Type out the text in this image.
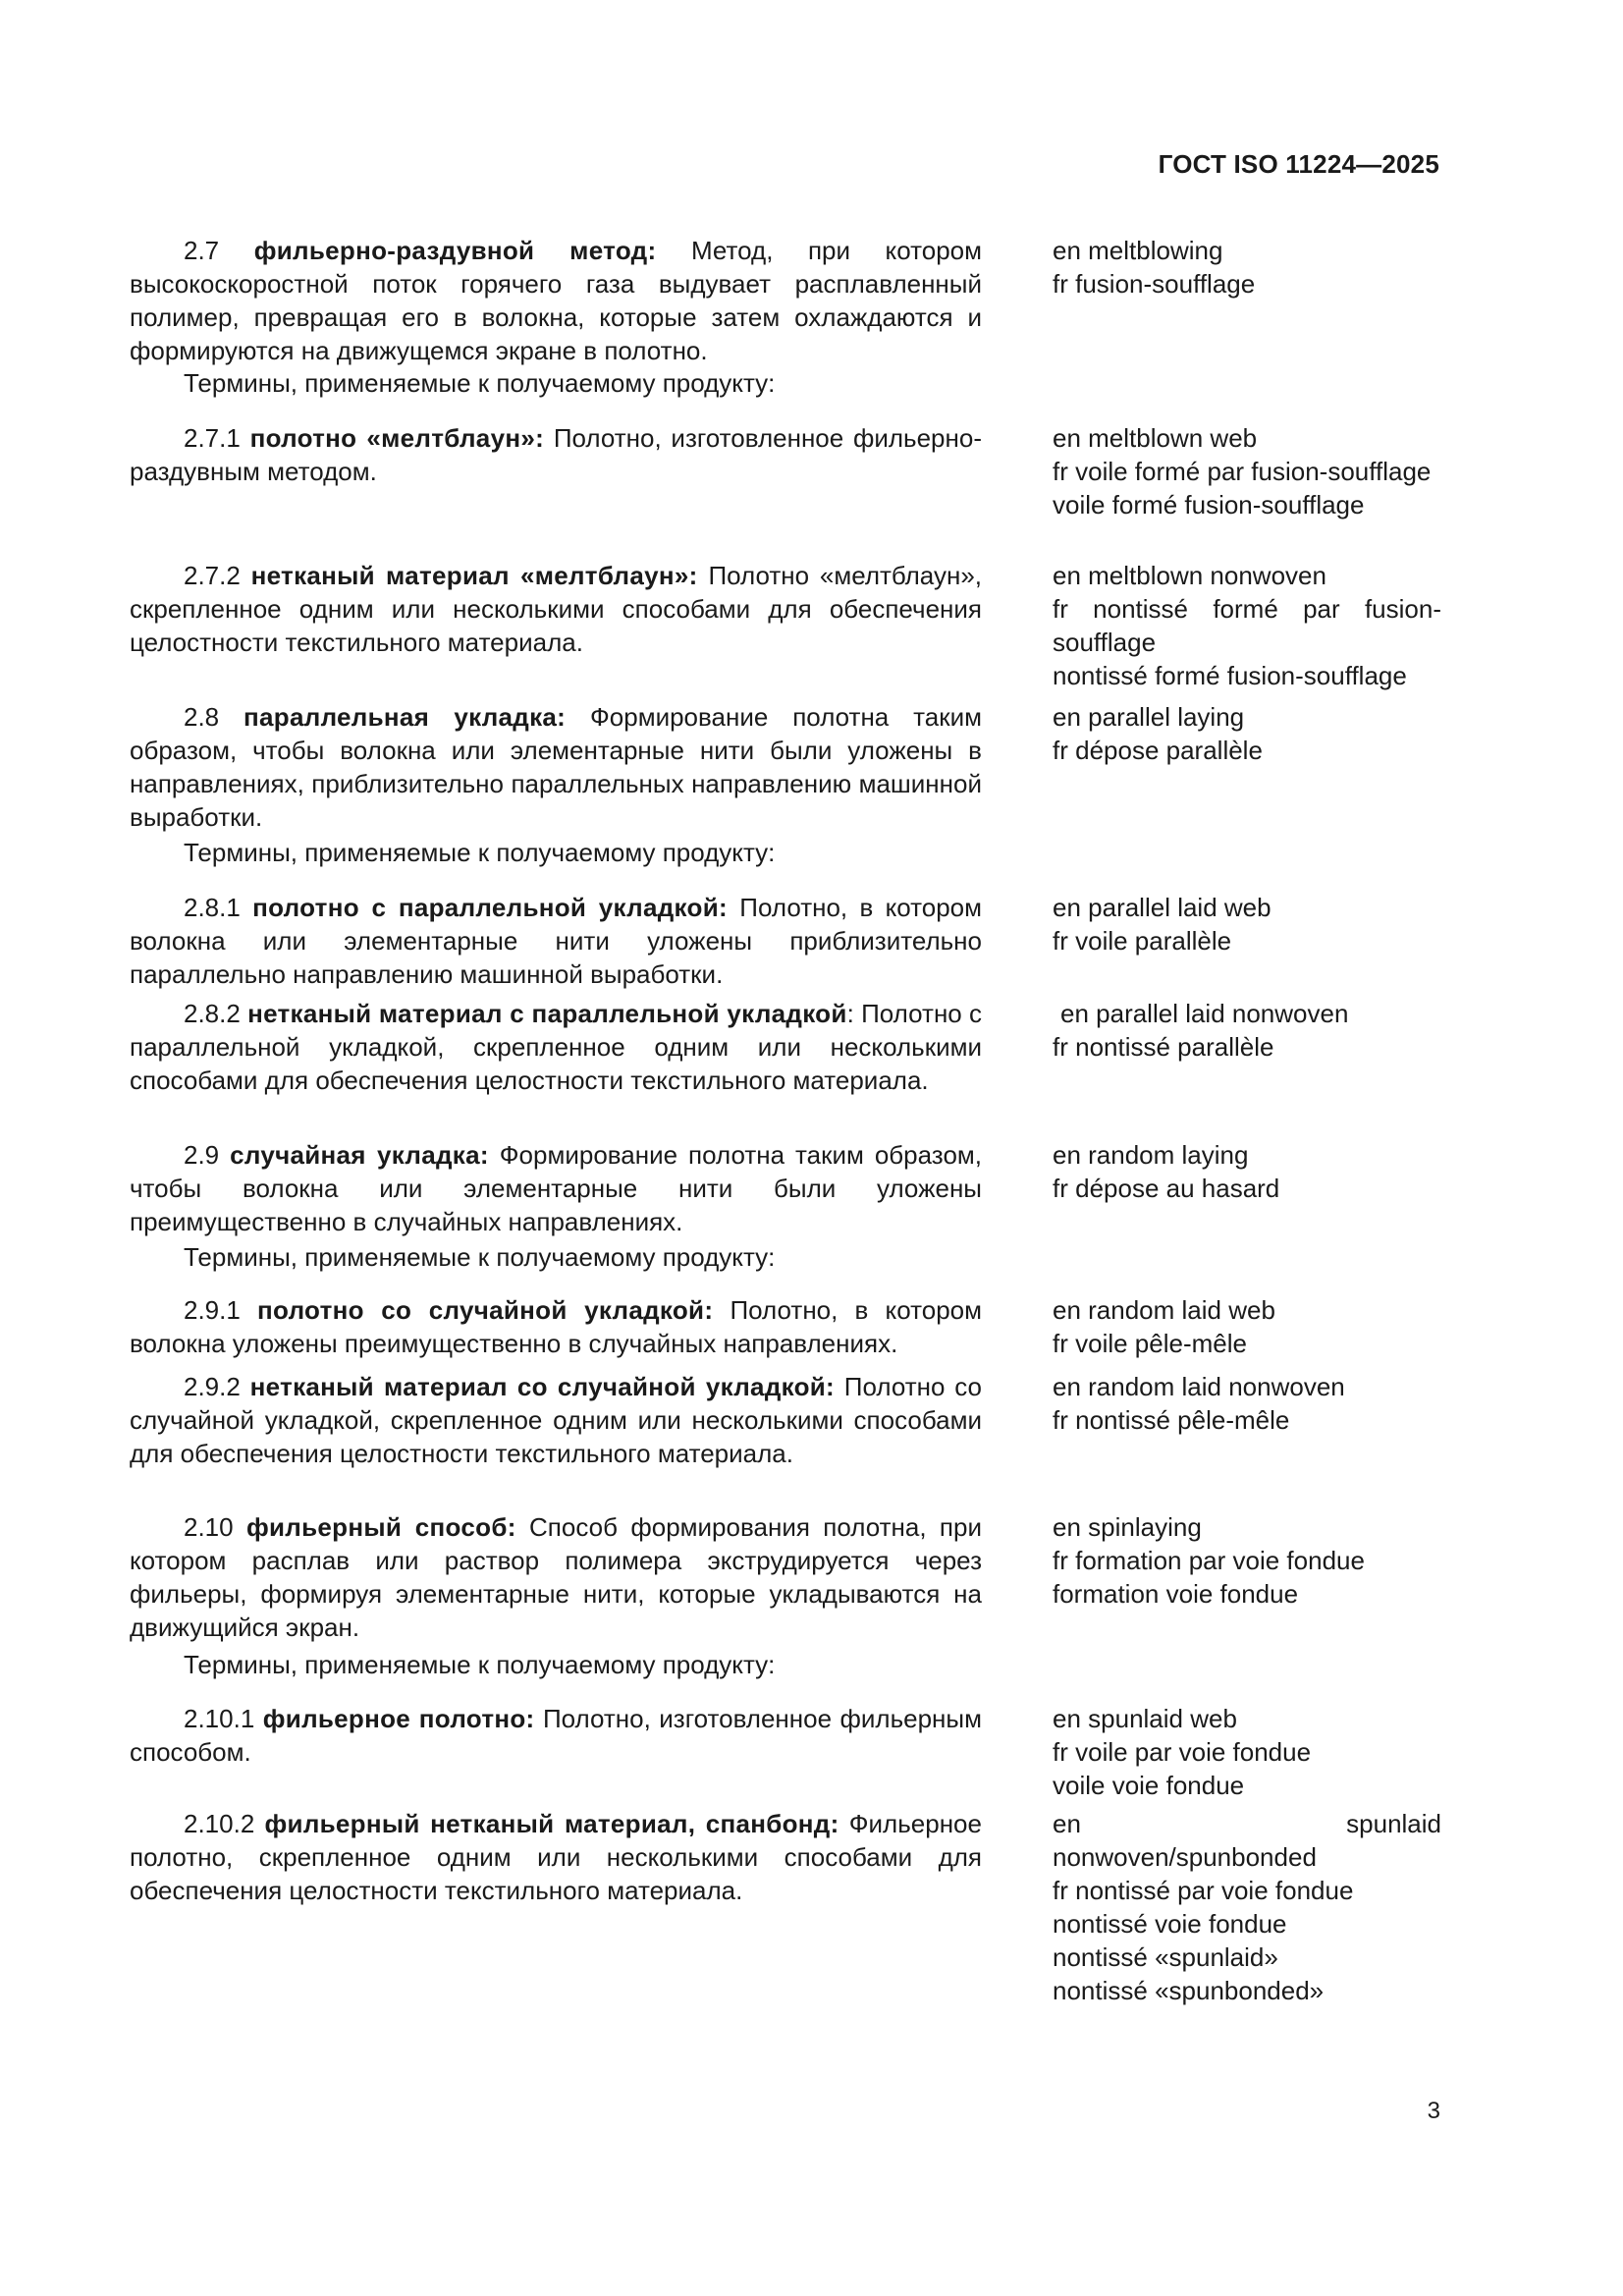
ГОСТ ISO 11224—2025

2.7 фильерно-раздувной метод: Метод, при котором высокоскоростной поток горячего газа выдувает расплавленный полимер, превращая его в волокна, которые затем охлаждаются и формируются на движущемся экране в полотно.

en meltblowing
fr fusion-soufflage

Термины, применяемые к получаемому продукту:

2.7.1 полотно «мелтблаун»: Полотно, изготовленное фильерно-раздувным методом.

en meltblown web
fr voile formé par fusion-soufflage
voile formé fusion-soufflage

2.7.2 нетканый материал «мелтблаун»: Полотно «мелтблаун», скрепленное одним или несколькими способами для обеспечения целостности текстильного материала.

en meltblown nonwoven
fr nontissé formé par fusion-soufflage
nontissé formé fusion-soufflage

2.8 параллельная укладка: Формирование полотна таким образом, чтобы волокна или элементарные нити были уложены в направлениях, приблизительно параллельных направлению машинной выработки.

en parallel laying
fr dépose parallèle

Термины, применяемые к получаемому продукту:

2.8.1 полотно с параллельной укладкой: Полотно, в котором волокна или элементарные нити уложены приблизительно параллельно направлению машинной выработки.

en parallel laid web
fr voile parallèle

2.8.2 нетканый материал с параллельной укладкой: Полотно с параллельной укладкой, скрепленное одним или несколькими способами для обеспечения целостности текстильного материала.

en parallel laid nonwoven
fr nontissé parallèle

2.9 случайная укладка: Формирование полотна таким образом, чтобы волокна или элементарные нити были уложены преимущественно в случайных направлениях.

en random laying
fr dépose au hasard

Термины, применяемые к получаемому продукту:

2.9.1 полотно со случайной укладкой: Полотно, в котором волокна уложены преимущественно в случайных направлениях.

en random laid web
fr voile pêle-mêle

2.9.2 нетканый материал со случайной укладкой: Полотно со случайной укладкой, скрепленное одним или несколькими способами для обеспечения целостности текстильного материала.

en random laid nonwoven
fr nontissé pêle-mêle

2.10 фильерный способ: Способ формирования полотна, при котором расплав или раствор полимера экструдируется через фильеры, формируя элементарные нити, которые укладываются на движущийся экран.

en spinlaying
fr formation par voie fondue
formation voie fondue

Термины, применяемые к получаемому продукту:

2.10.1 фильерное полотно: Полотно, изготовленное фильерным способом.

en spunlaid web
fr voile par voie fondue
voile voie fondue

2.10.2 фильерный нетканый материал, спанбонд: Фильерное полотно, скрепленное одним или несколькими способами для обеспечения целостности текстильного материала.

en spunlaid nonwoven/spunbonded
fr nontissé par voie fondue
nontissé voie fondue
nontissé «spunlaid»
nontissé «spunbonded»
3
